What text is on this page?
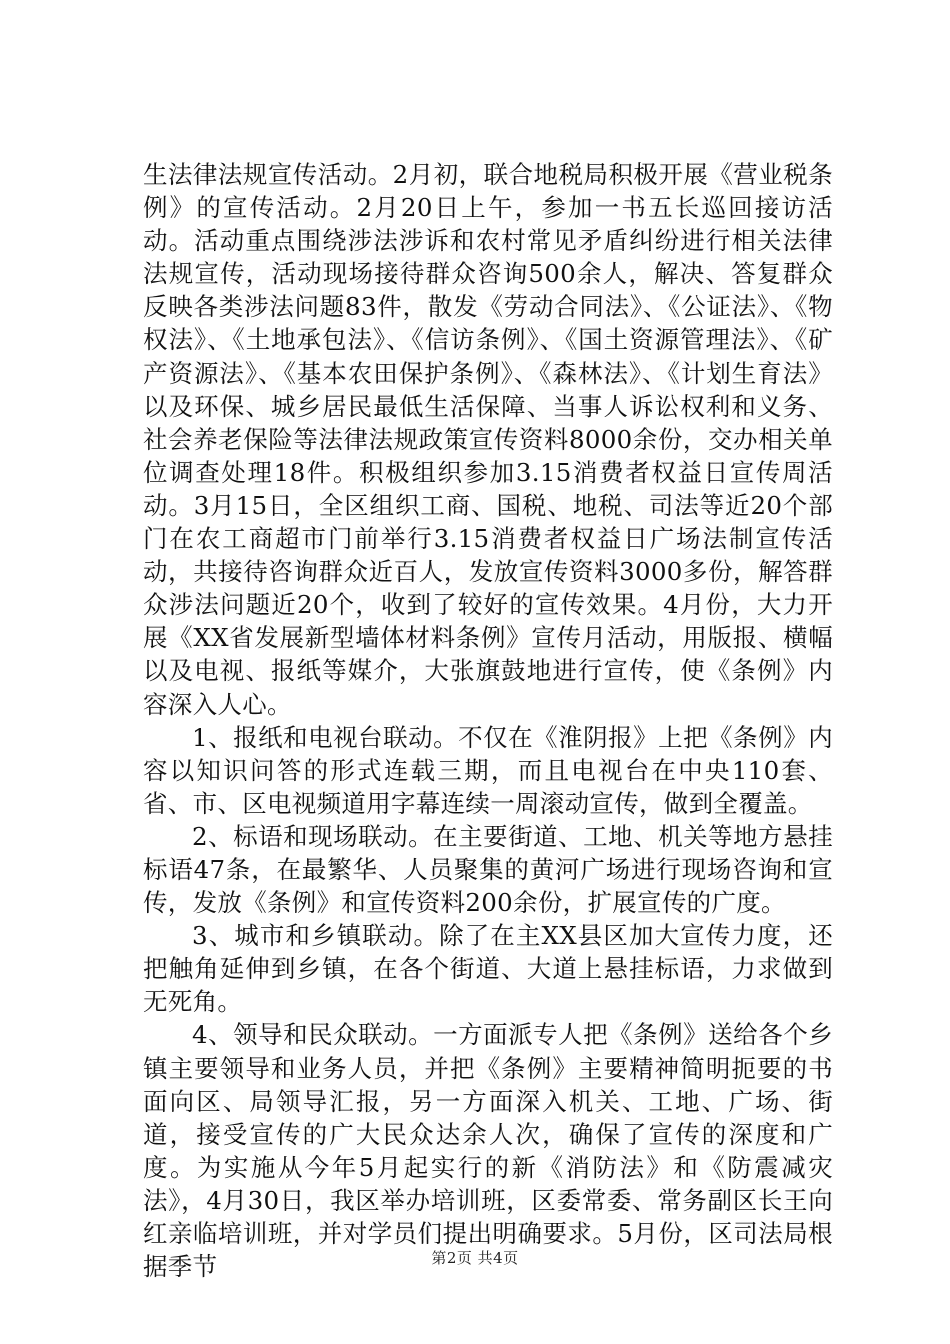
生法律法规宣传活动。2月初，联合地税局积极开展《营业税条例》的宣传活动。2月20日上午，参加一书五长巡回接访活动。活动重点围绕涉法涉诉和农村常见矛盾纠纷进行相关法律法规宣传，活动现场接待群众咨询500余人，解决、答复群众反映各类涉法问题83件，散发《劳动合同法》、《公证法》、《物权法》、《土地承包法》、《信访条例》、《国土资源管理法》、《矿产资源法》、《基本农田保护条例》、《森林法》、《计划生育法》以及环保、城乡居民最低生活保障、当事人诉讼权利和义务、社会养老保险等法律法规政策宣传资料8000余份，交办相关单位调查处理18件。积极组织参加3.15消费者权益日宣传周活动。3月15日，全区组织工商、国税、地税、司法等近20个部门在农工商超市门前举行3.15消费者权益日广场法制宣传活动，共接待咨询群众近百人，发放宣传资料3000多份，解答群众涉法问题近20个，收到了较好的宣传效果。4月份，大力开展《XX省发展新型墙体材料条例》宣传月活动，用版报、横幅以及电视、报纸等媒介，大张旗鼓地进行宣传，使《条例》内容深入人心。

1、报纸和电视台联动。不仅在《淮阴报》上把《条例》内容以知识问答的形式连载三期，而且电视台在中央110套、省、市、区电视频道用字幕连续一周滚动宣传，做到全覆盖。

2、标语和现场联动。在主要街道、工地、机关等地方悬挂标语47条，在最繁华、人员聚集的黄河广场进行现场咨询和宣传，发放《条例》和宣传资料200余份，扩展宣传的广度。

3、城市和乡镇联动。除了在主XX县区加大宣传力度，还把触角延伸到乡镇，在各个街道、大道上悬挂标语，力求做到无死角。

4、领导和民众联动。一方面派专人把《条例》送给各个乡镇主要领导和业务人员，并把《条例》主要精神简明扼要的书面向区、局领导汇报，另一方面深入机关、工地、广场、街道，接受宣传的广大民众达余人次，确保了宣传的深度和广度。为实施从今年5月起实行的新《消防法》和《防震减灾法》，4月30日，我区举办培训班，区委常委、常务副区长王向红亲临培训班，并对学员们提出明确要求。5月份，区司法局根据季节	第2页 共4页
